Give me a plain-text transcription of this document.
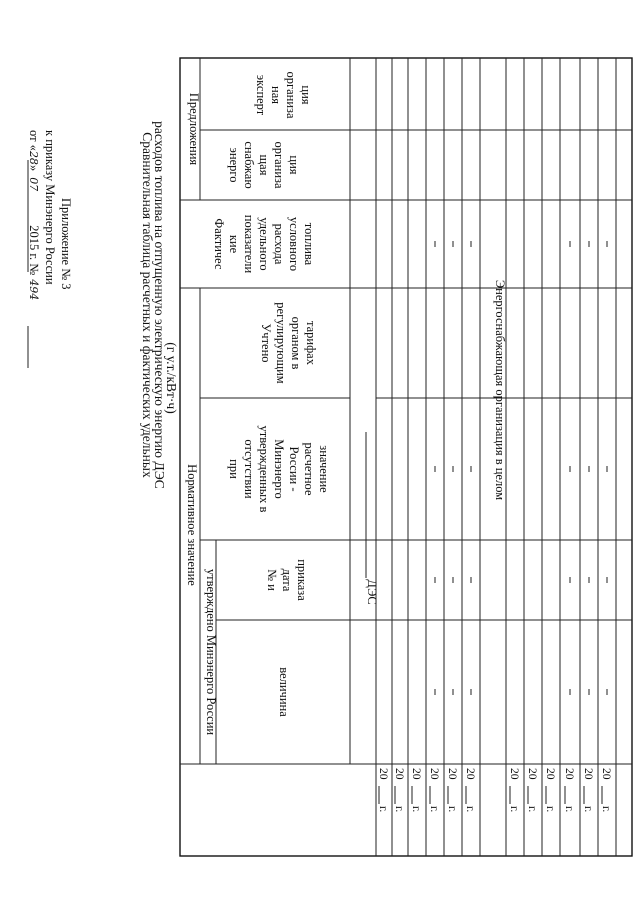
Приложение № 3
к приказу Минэнерго России
от «28»072015 г. №494	Сравнительная таблица расчетных и фактических удельных
расходов топлива на отпущенную электрическую энергию ДЭС
(г у.т./кВт·ч)
Нормативное значение
утверждено Минэнерго России	величина
№ и дата приказа
при отсутствии утвержденных в Минэнерго России - расчетное значение
Учтено регулирующим органом в тарифах
Фактичес кие показатели удельного расхода условного топлива
Предложения энерго снабжаю щая организа ция
эксперт ная организа ция
ДЭС
Энергоснабжающая организация в целом
20
г.
20
г.
20
г.
20
г.
20
г.
20
г.
20
г.
20
г.
20
г.
20
г.
20
г.
20
г.
